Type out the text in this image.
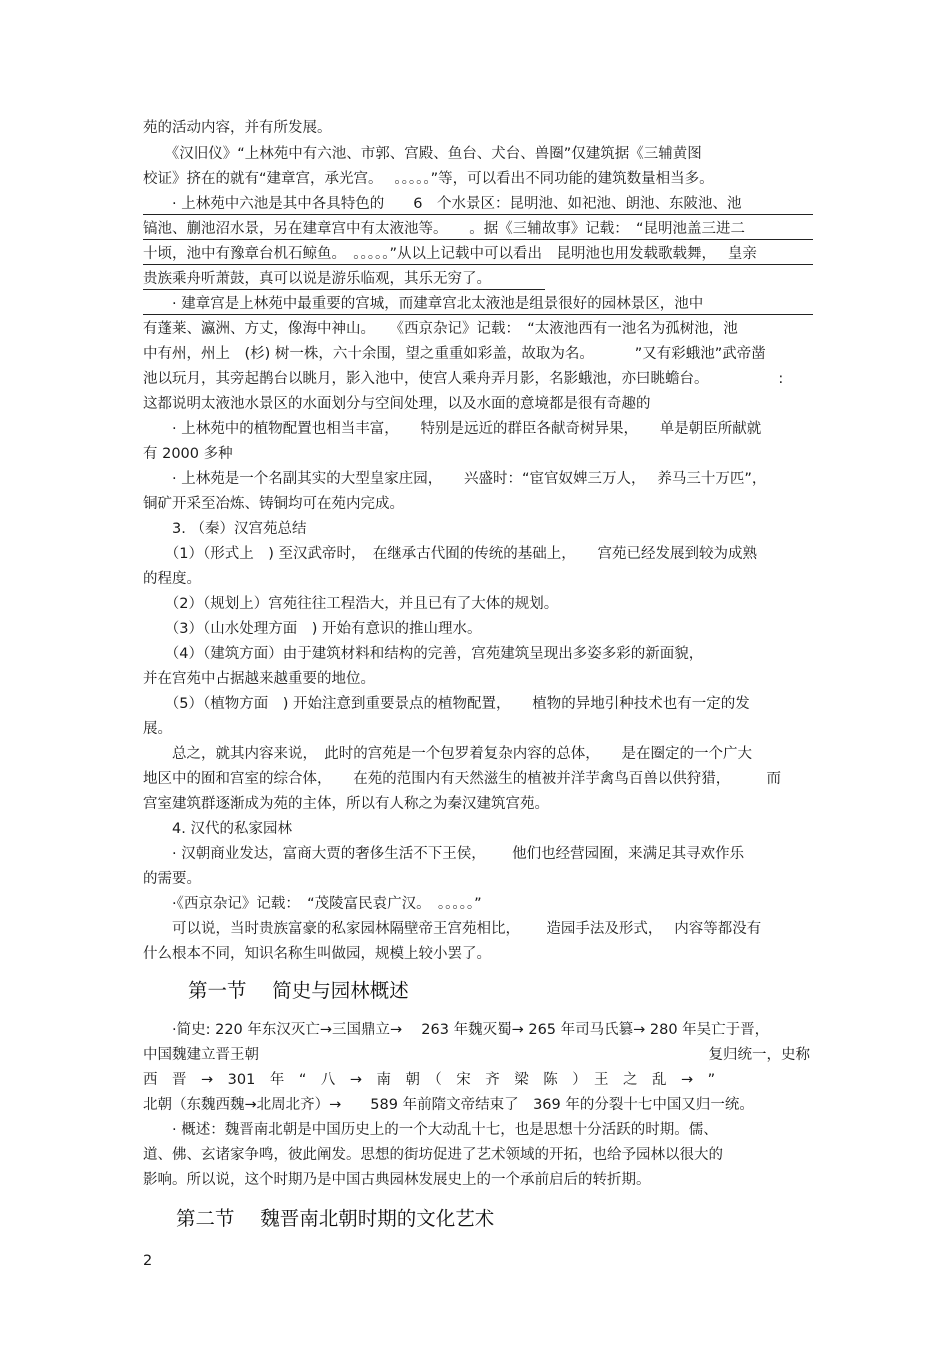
苑的活动内容，并有所发展。
　　《汉旧仪》“上林苑中有六池、市郭、宫殿、鱼台、犬台、兽圈”仅建筑据《三辅黄图
校证》挤在的就有“建章宫，承光宫。　 。。。。。”等，可以看出不同功能的建筑数量相当多。
　　· 上林苑中六池是其中各具特色的　　6　个水景区：昆明池、如祀池、朗池、东陂池、池
镐池、蒯池沼水景，另在建章宫中有太液池等。　　。据《三辅故事》记载：　“昆明池盖三进二
十顷，池中有豫章台机石鲸鱼。　。。。。。”从以上记载中可以看出　昆明池也用发载歌载舞，　 皇亲
贵族乘舟听萧鼓，真可以说是游乐临观，其乐无穷了。
　　· 建章宫是上林苑中最重要的宫城，而建章宫北太液池是组景很好的园林景区，池中
有蓬莱、瀛洲、方丈，像海中神山。　　《西京杂记》记载：　“太液池西有一池名为孤树池，池
中有州，州上　(杉) 树一株，六十余围，望之重重如彩盖，故取为名。　　　 ”又有彩蛾池”武帝凿
池以玩月，其旁起鹊台以眺月，影入池中，使宫人乘舟弄月影，名影蛾池，亦曰眺蟾台。　　　　　 :
这都说明太液池水景区的水面划分与空间处理，以及水面的意境都是很有奇趣的
　　· 上林苑中的植物配置也相当丰富，　　特别是远近的群臣各献奇树异果，　　单是朝臣所献就
有 2000 多种
　　· 上林苑是一个名副其实的大型皇家庄园，　　兴盛时：“宦官奴婢三万人，　 养马三十万匹”，
铜矿开采至冶炼、铸铜均可在苑内完成。
　　3. （秦）汉宫苑总结
　　（1）（形式上　) 至汉武帝时，　在继承古代囿的传统的基础上，　　宫苑已经发展到较为成熟
的程度。
　　（2）（规划上）宫苑往往工程浩大，并且已有了大体的规划。
　　（3）（山水处理方面　) 开始有意识的推山理水。
　　（4）（建筑方面）由于建筑材料和结构的完善，宫苑建筑呈现出多姿多彩的新面貌，
并在宫苑中占据越来越重要的地位。
　　（5）（植物方面　) 开始注意到重要景点的植物配置，　　植物的异地引种技术也有一定的发
展。
　　总之，就其内容来说，　此时的宫苑是一个包罗着复杂内容的总体，　　是在圈定的一个广大
地区中的囿和宫室的综合体，　　在苑的范围内有天然滋生的植被并洋芋禽鸟百兽以供狩猎，　　　而
宫室建筑群逐渐成为苑的主体，所以有人称之为秦汉建筑宫苑。
　　4. 汉代的私家园林
　　· 汉朝商业发达，富商大贾的奢侈生活不下王侯，　　 他们也经营园囿，来满足其寻欢作乐
的需要。
　　·《西京杂记》记载：　“茂陵富民袁广汉。　。。。。。”
　　可以说，当时贵族富豪的私家园林隔壁帝王宫苑相比，　　 造园手法及形式，　 内容等都没有
什么根本不同，知识名称生叫做园，规模上较小罢了。
第一节　 简史与园林概述
　　·简史: 220 年东汉灭亡→三国鼎立→　 263 年魏灭蜀→ 265 年司马氏篡→ 280 年吴亡于晋，
中国魏建立晋王朝　　　　　　　　　　　　　　　　　　　　　　　　　　　　　　　复归统一，史称
西　晋　→　301　年　“　八　→　南　朝　（　宋　齐　梁　陈　）　王　之　乱　→　”
北朝（东魏西魏→北周北齐）→　　589 年前隋文帝结束了　369 年的分裂十七中国又归一统。
　　· 概述：魏晋南北朝是中国历史上的一个大动乱十七，也是思想十分活跃的时期。儒、
道、佛、玄诸家争鸣，彼此阐发。思想的街坊促进了艺术领域的开拓，也给予园林以很大的
影响。所以说，这个时期乃是中国古典园林发展史上的一个承前启后的转折期。
第二节　 魏晋南北朝时期的文化艺术
2
